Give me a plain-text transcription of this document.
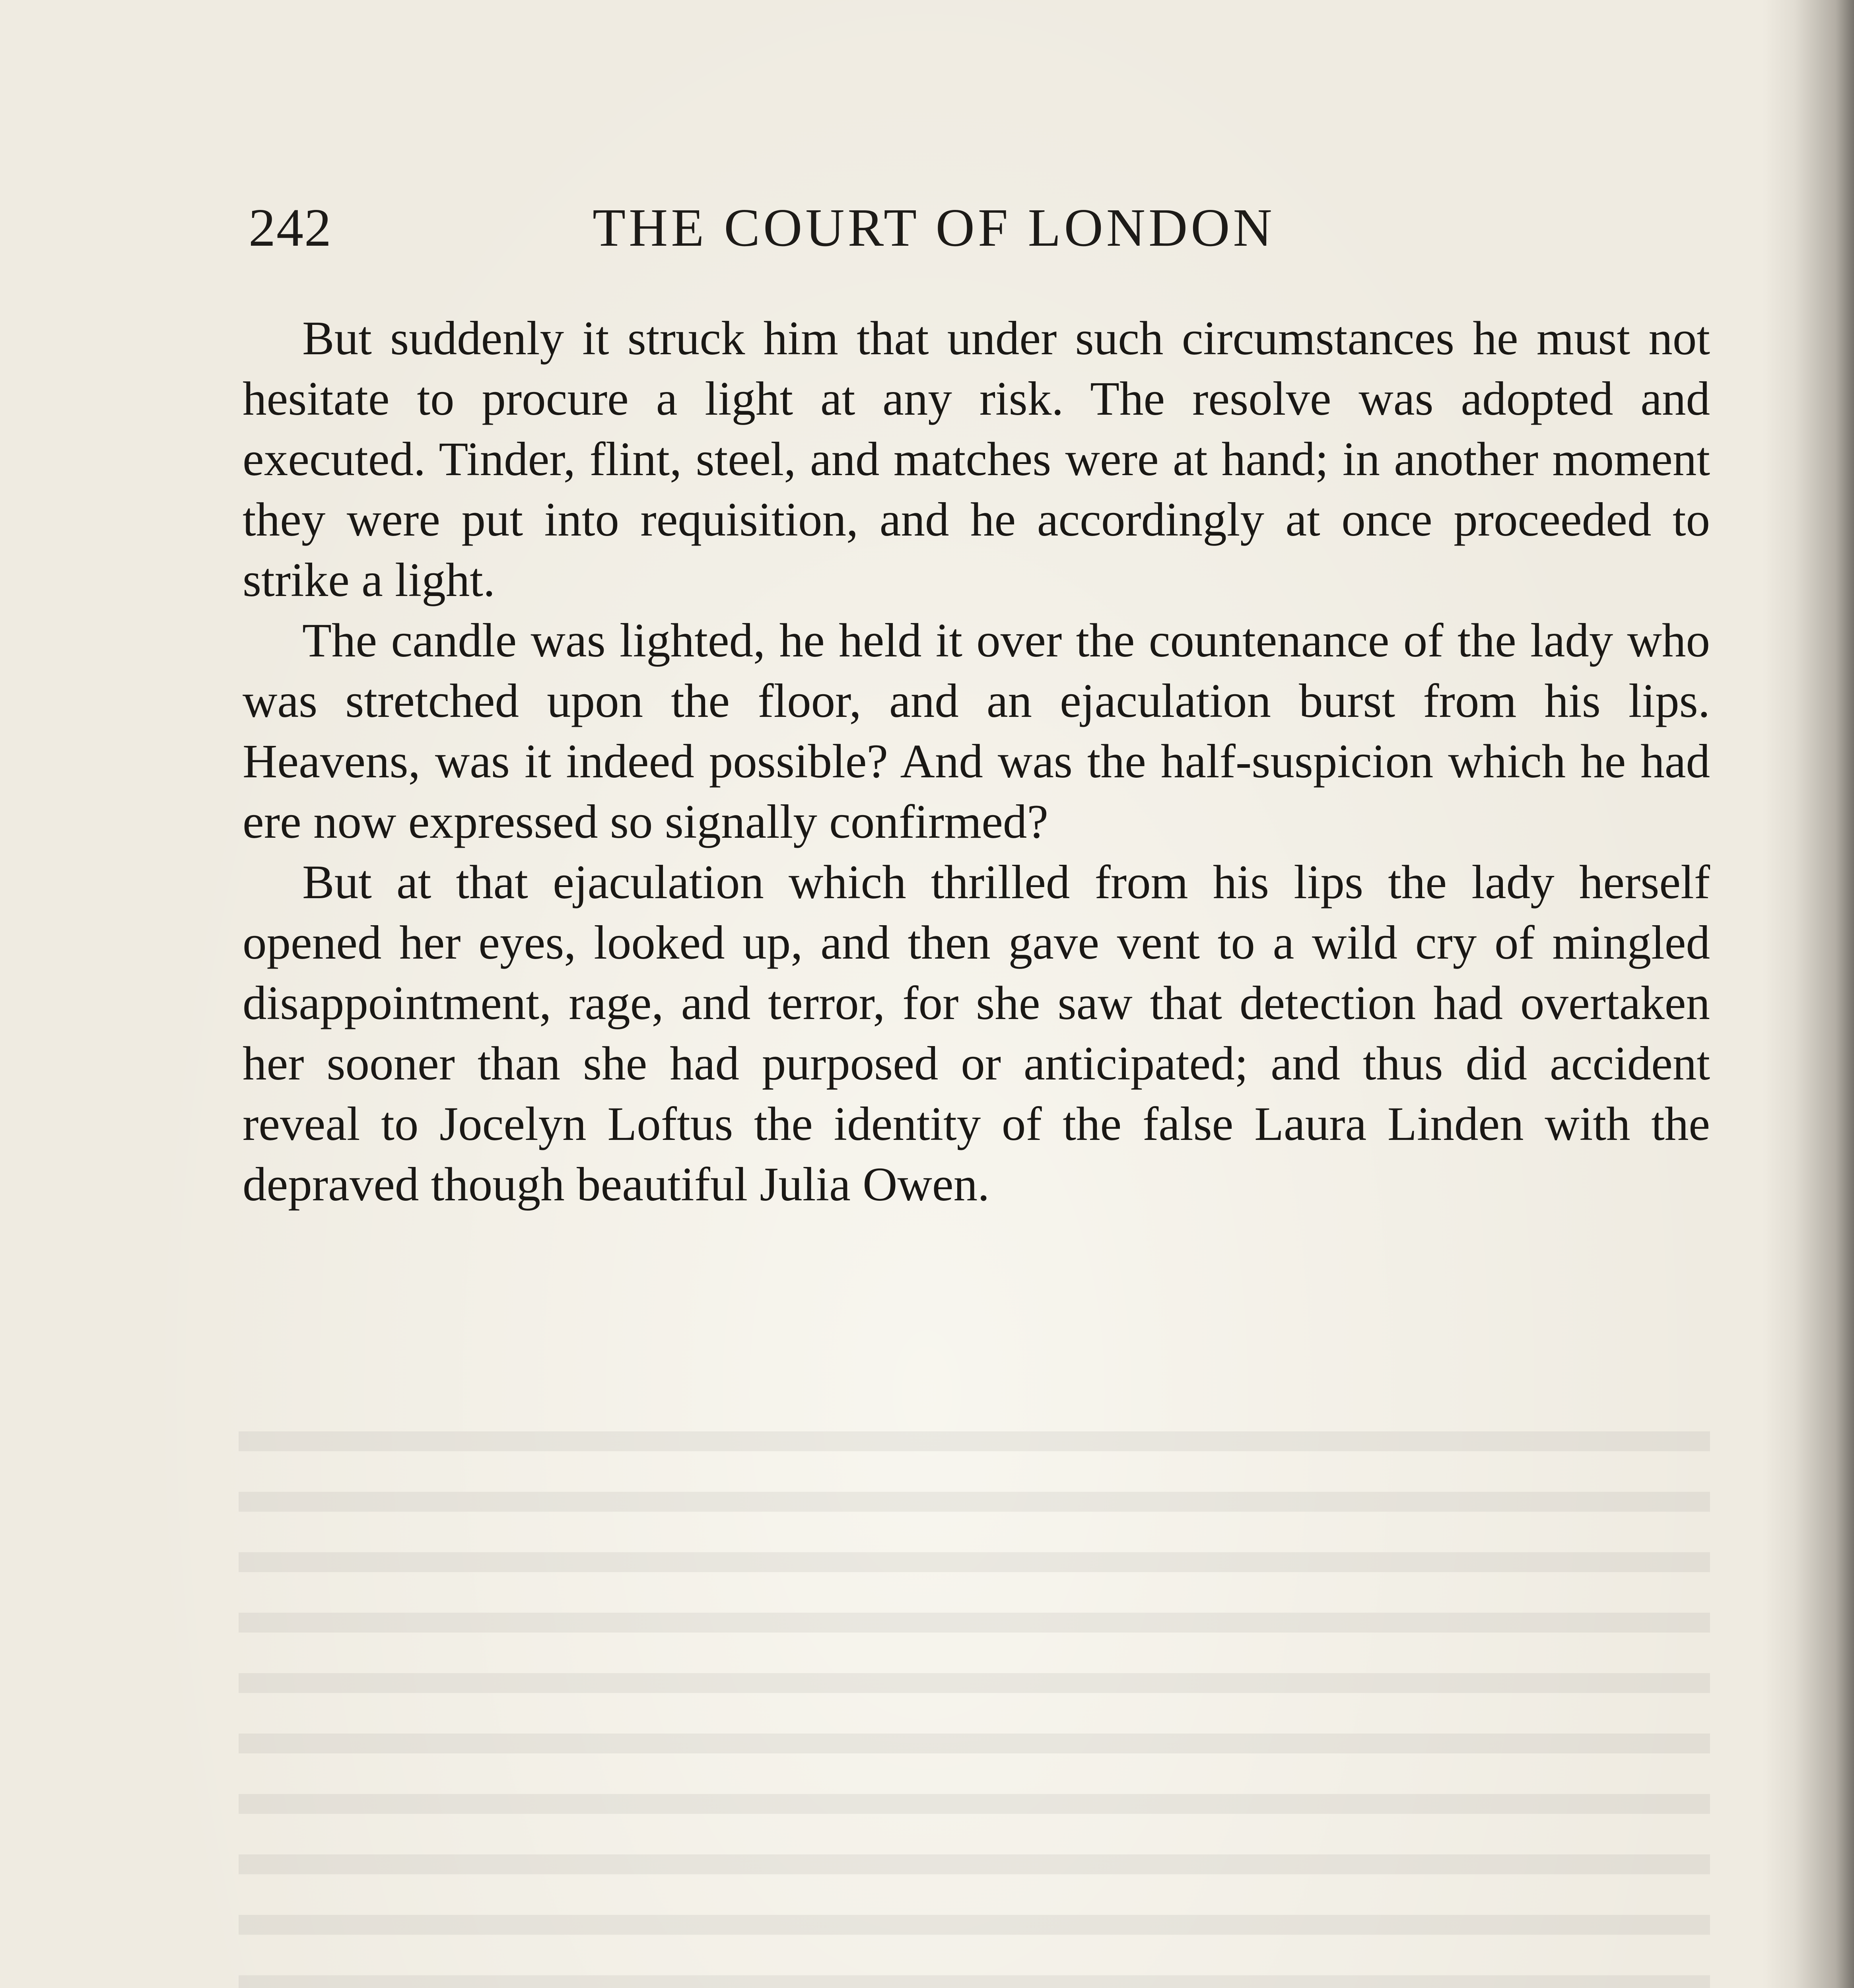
242	THE COURT OF LONDON

But suddenly it struck him that under such circumstances he must not hesitate to procure a light at any risk. The resolve was adopted and executed. Tinder, flint, steel, and matches were at hand; in another moment they were put into requisition, and he accordingly at once proceeded to strike a light.

The candle was lighted, he held it over the countenance of the lady who was stretched upon the floor, and an ejaculation burst from his lips. Heavens, was it indeed possible? And was the half-suspicion which he had ere now expressed so signally confirmed?

But at that ejaculation which thrilled from his lips the lady herself opened her eyes, looked up, and then gave vent to a wild cry of mingled disappointment, rage, and terror, for she saw that detection had overtaken her sooner than she had purposed or anticipated; and thus did accident reveal to Jocelyn Loftus the identity of the false Laura Linden with the depraved though beautiful Julia Owen.
